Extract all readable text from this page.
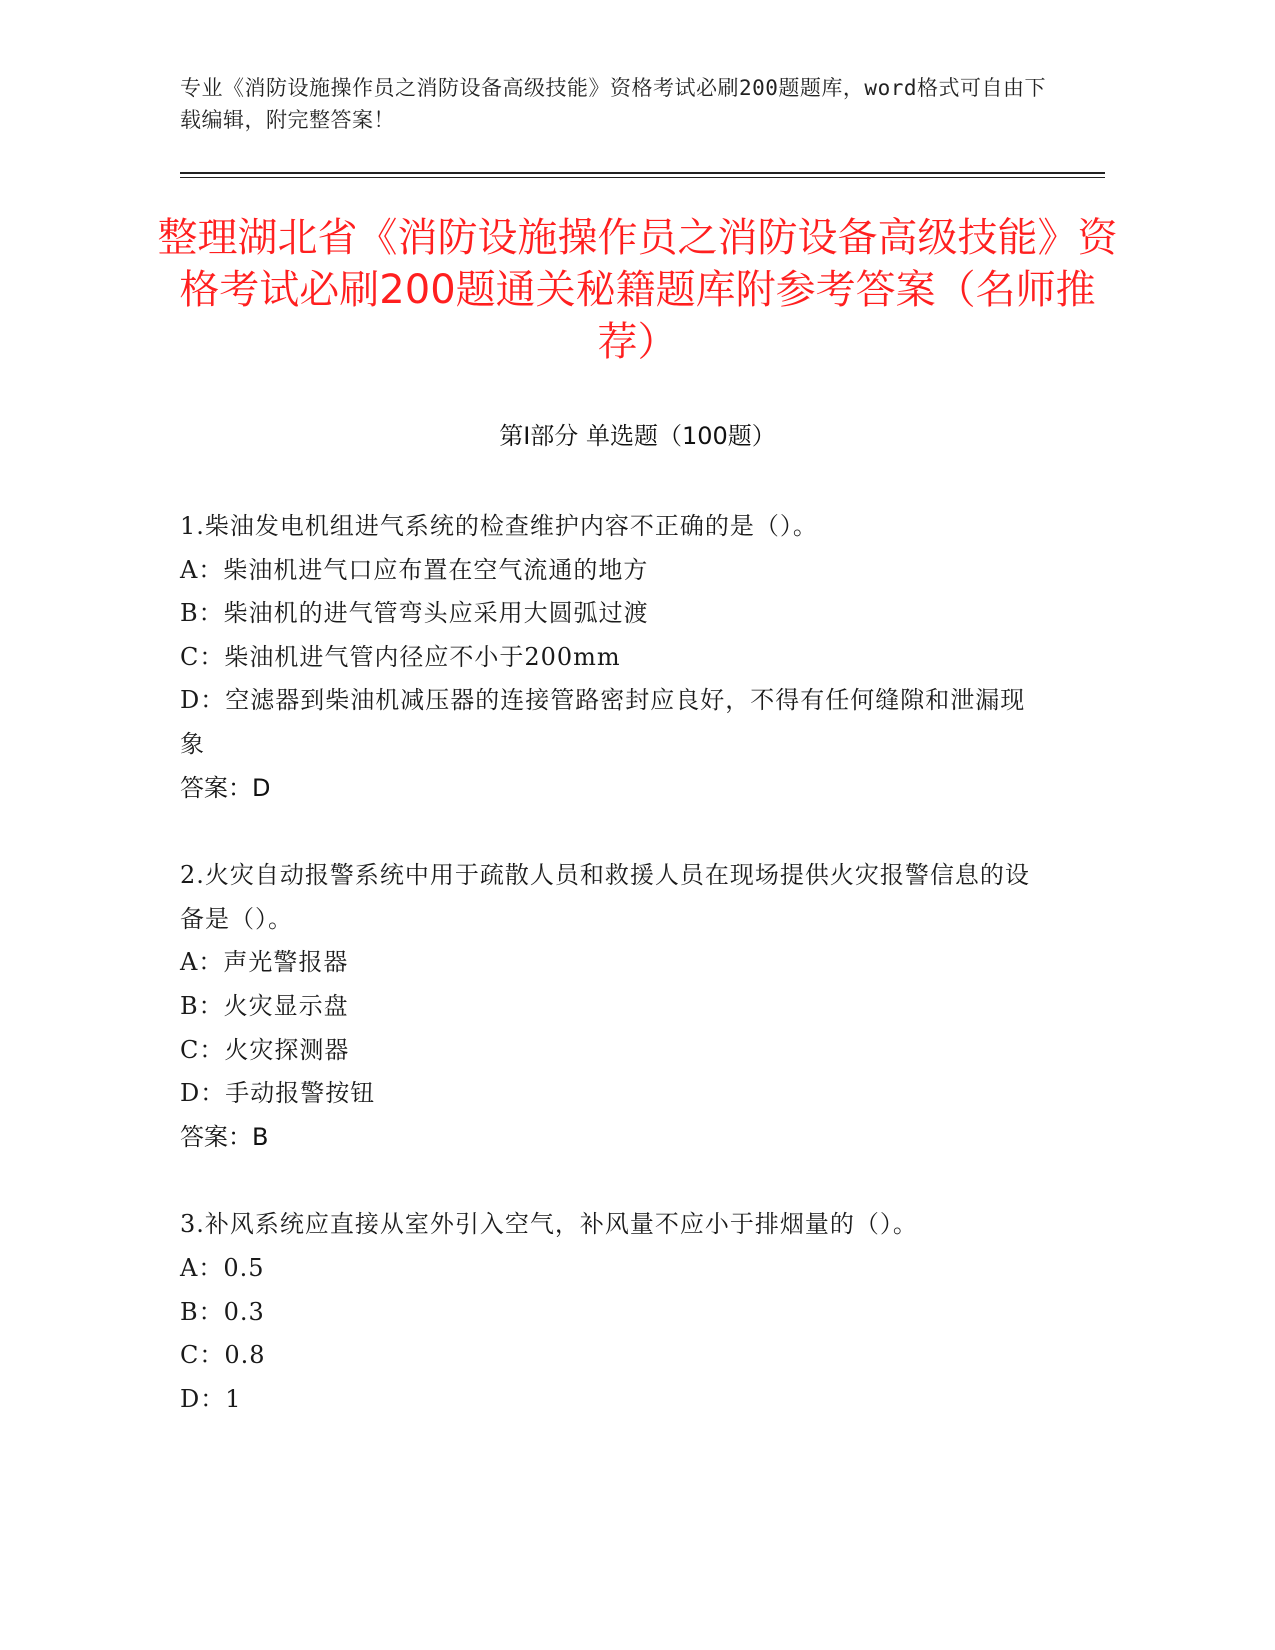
专业《消防设施操作员之消防设备高级技能》资格考试必刷200题题库，word格式可自由下载编辑，附完整答案！
整理湖北省《消防设施操作员之消防设备高级技能》资格考试必刷200题通关秘籍题库附参考答案（名师推荐）
第Ⅰ部分 单选题（100题）
1.柴油发电机组进气系统的检查维护内容不正确的是（）。
A：柴油机进气口应布置在空气流通的地方
B：柴油机的进气管弯头应采用大圆弧过渡
C：柴油机进气管内径应不小于200mm
D：空滤器到柴油机减压器的连接管路密封应良好，不得有任何缝隙和泄漏现象
答案：D
2.火灾自动报警系统中用于疏散人员和救援人员在现场提供火灾报警信息的设备是（）。
A：声光警报器
B：火灾显示盘
C：火灾探测器
D：手动报警按钮
答案：B
3.补风系统应直接从室外引入空气，补风量不应小于排烟量的（）。
A：0.5
B：0.3
C：0.8
D：1
